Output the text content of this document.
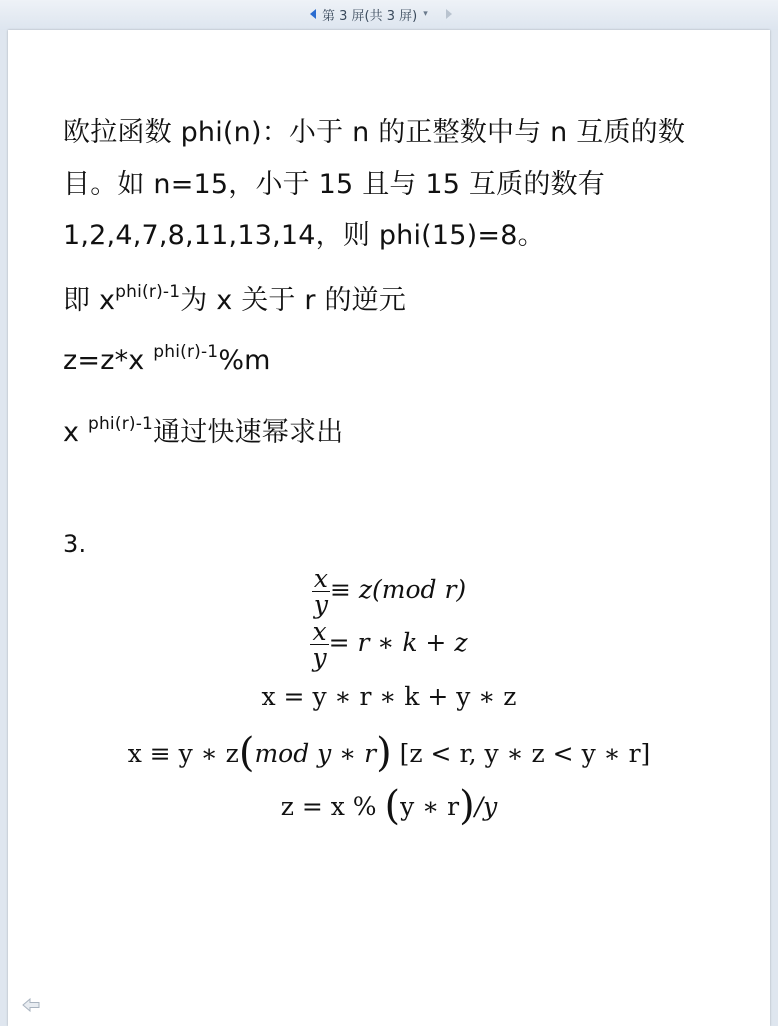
第 3 屏(共 3 屏) ▾
欧拉函数 phi(n)：小于 n 的正整数中与 n 互质的数
目。如 n=15，小于 15 且与 15 互质的数有
1,2,4,7,8,11,13,14，则 phi(15)=8。
即 $x^{phi(r)-1}$为 x 关于 r 的逆元
z=z*x $^{phi(r)-1}$%m
x $^{phi(r)-1}$通过快速幂求出
3.
$\frac{x}{y} \equiv z(mod$ r)
$\frac{x}{y} = r$ ∗ k + z
x = y ∗ r ∗ k + y ∗ z
x ≡ y ∗ z(mod y ∗ r) [z < r, y ∗ z < y ∗ r]
z = x % (y ∗ r)/y
